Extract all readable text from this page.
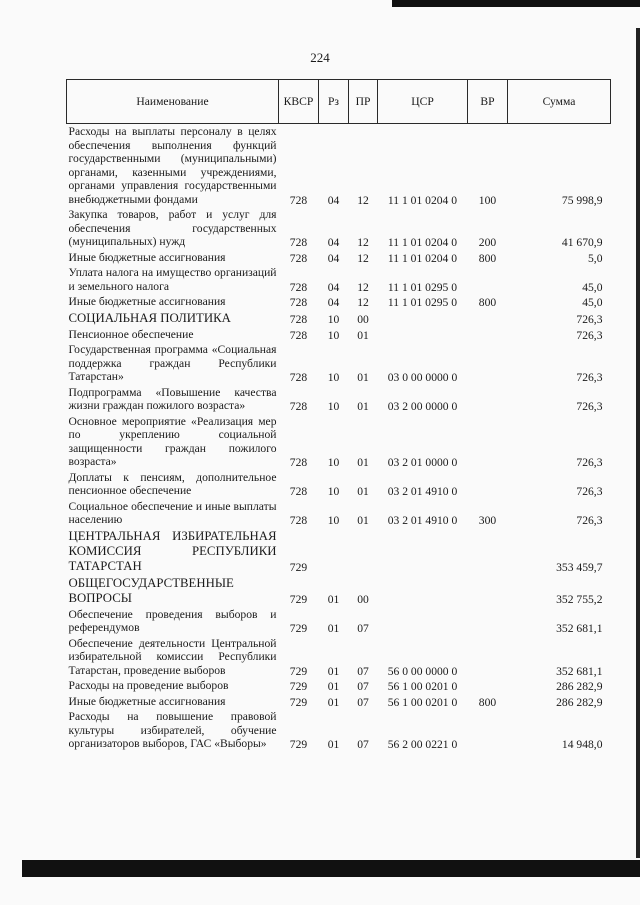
224
Наименование	КВСР	Рз	ПР	ЦСР	ВР	Сумма
Расходы на выплаты персоналу в целях обеспечения выполнения функций государственными (муниципальными) органами, казенными учреждениями, органами управления государственными внебюджетными фондами	728	04	12	11 1 01 0204 0	100	75 998,9
Закупка товаров, работ и услуг для обеспечения государственных (муниципальных) нужд	728	04	12	11 1 01 0204 0	200	41 670,9
Иные бюджетные ассигнования	728	04	12	11 1 01 0204 0	800	5,0
Уплата налога на имущество организаций и земельного налога	728	04	12	11 1 01 0295 0		45,0
Иные бюджетные ассигнования	728	04	12	11 1 01 0295 0	800	45,0
СОЦИАЛЬНАЯ ПОЛИТИКА	728	10	00			726,3
Пенсионное обеспечение	728	10	01			726,3
Государственная программа «Социальная поддержка граждан Республики Татарстан»	728	10	01	03 0 00 0000 0		726,3
Подпрограмма «Повышение качества жизни граждан пожилого возраста»	728	10	01	03 2 00 0000 0		726,3
Основное мероприятие «Реализация мер по укреплению социальной защищенности граждан пожилого возраста»	728	10	01	03 2 01 0000 0		726,3
Доплаты к пенсиям, дополнительное пенсионное обеспечение	728	10	01	03 2 01 4910 0		726,3
Социальное обеспечение и иные выплаты населению	728	10	01	03 2 01 4910 0	300	726,3
ЦЕНТРАЛЬНАЯ ИЗБИРАТЕЛЬНАЯ КОМИССИЯ РЕСПУБЛИКИ ТАТАРСТАН	729					353 459,7
ОБЩЕГОСУДАРСТВЕННЫЕ ВОПРОСЫ	729	01	00			352 755,2
Обеспечение проведения выборов и референдумов	729	01	07			352 681,1
Обеспечение деятельности Центральной избирательной комиссии Республики Татарстан, проведение выборов	729	01	07	56 0 00 0000 0		352 681,1
Расходы на проведение выборов	729	01	07	56 1 00 0201 0		286 282,9
Иные бюджетные ассигнования	729	01	07	56 1 00 0201 0	800	286 282,9
Расходы на повышение правовой культуры избирателей, обучение организаторов выборов, ГАС «Выборы»	729	01	07	56 2 00 0221 0		14 948,0
